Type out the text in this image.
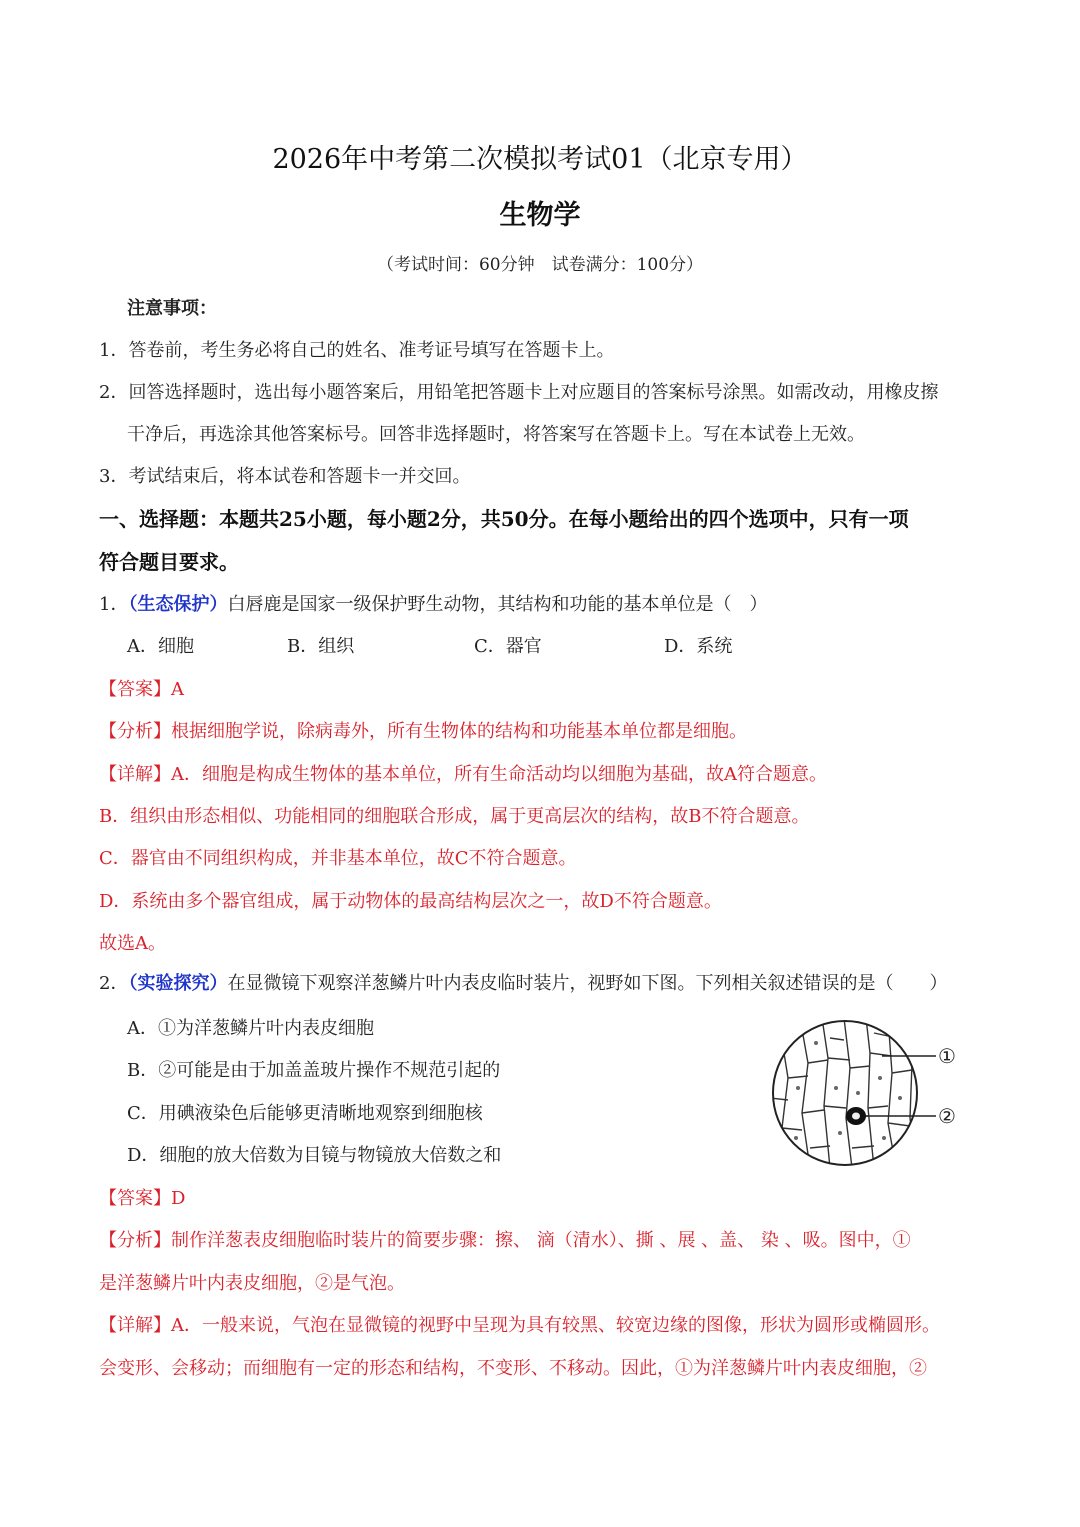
2026年中考第二次模拟考试01（北京专用）
生物学
（考试时间：60分钟　试卷满分：100分）
注意事项：
1．答卷前，考生务必将自己的姓名、准考证号填写在答题卡上。
2．回答选择题时，选出每小题答案后，用铅笔把答题卡上对应题目的答案标号涂黑。如需改动，用橡皮擦
干净后，再选涂其他答案标号。回答非选择题时，将答案写在答题卡上。写在本试卷上无效。
3．考试结束后，将本试卷和答题卡一并交回。
一、选择题：本题共25小题，每小题2分，共50分。在每小题给出的四个选项中，只有一项
符合题目要求。
1．（生态保护）白唇鹿是国家一级保护野生动物，其结构和功能的基本单位是（　）
A．细胞	B．组织	C．器官	D．系统
【答案】A
【分析】根据细胞学说，除病毒外，所有生物体的结构和功能基本单位都是细胞。
【详解】A．细胞是构成生物体的基本单位，所有生命活动均以细胞为基础，故A符合题意。
B．组织由形态相似、功能相同的细胞联合形成，属于更高层次的结构，故B不符合题意。
C．器官由不同组织构成，并非基本单位，故C不符合题意。
D．系统由多个器官组成，属于动物体的最高结构层次之一，故D不符合题意。
故选A。
2．（实验探究）在显微镜下观察洋葱鳞片叶内表皮临时装片，视野如下图。下列相关叙述错误的是（　　）
A．①为洋葱鳞片叶内表皮细胞
B．②可能是由于加盖盖玻片操作不规范引起的
C．用碘液染色后能够更清晰地观察到细胞核
D．细胞的放大倍数为目镜与物镜放大倍数之和
①
②
【答案】D
【分析】制作洋葱表皮细胞临时装片的简要步骤：擦、 滴（清水）、撕 、展 、盖、 染 、吸。图中，①
是洋葱鳞片叶内表皮细胞，②是气泡。
【详解】A．一般来说，气泡在显微镜的视野中呈现为具有较黑、较宽边缘的图像，形状为圆形或椭圆形。
会变形、会移动；而细胞有一定的形态和结构，不变形、不移动。因此，①为洋葱鳞片叶内表皮细胞，②
